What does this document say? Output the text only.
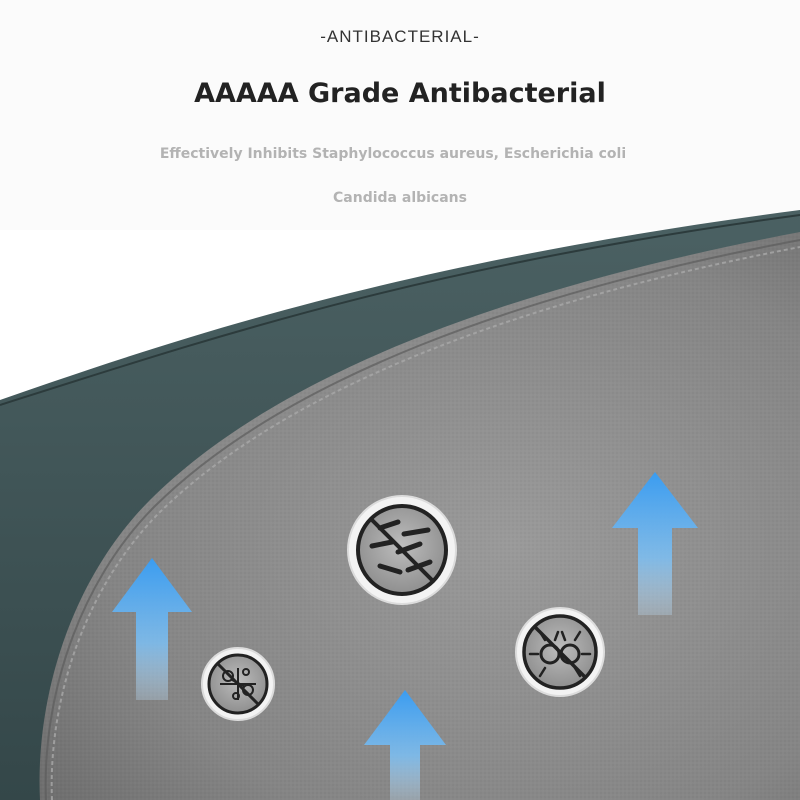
-ANTIBACTERIAL-
AAAAA Grade Antibacterial
Effectively Inhibits Staphylococcus aureus, Escherichia coli
Candida albicans
